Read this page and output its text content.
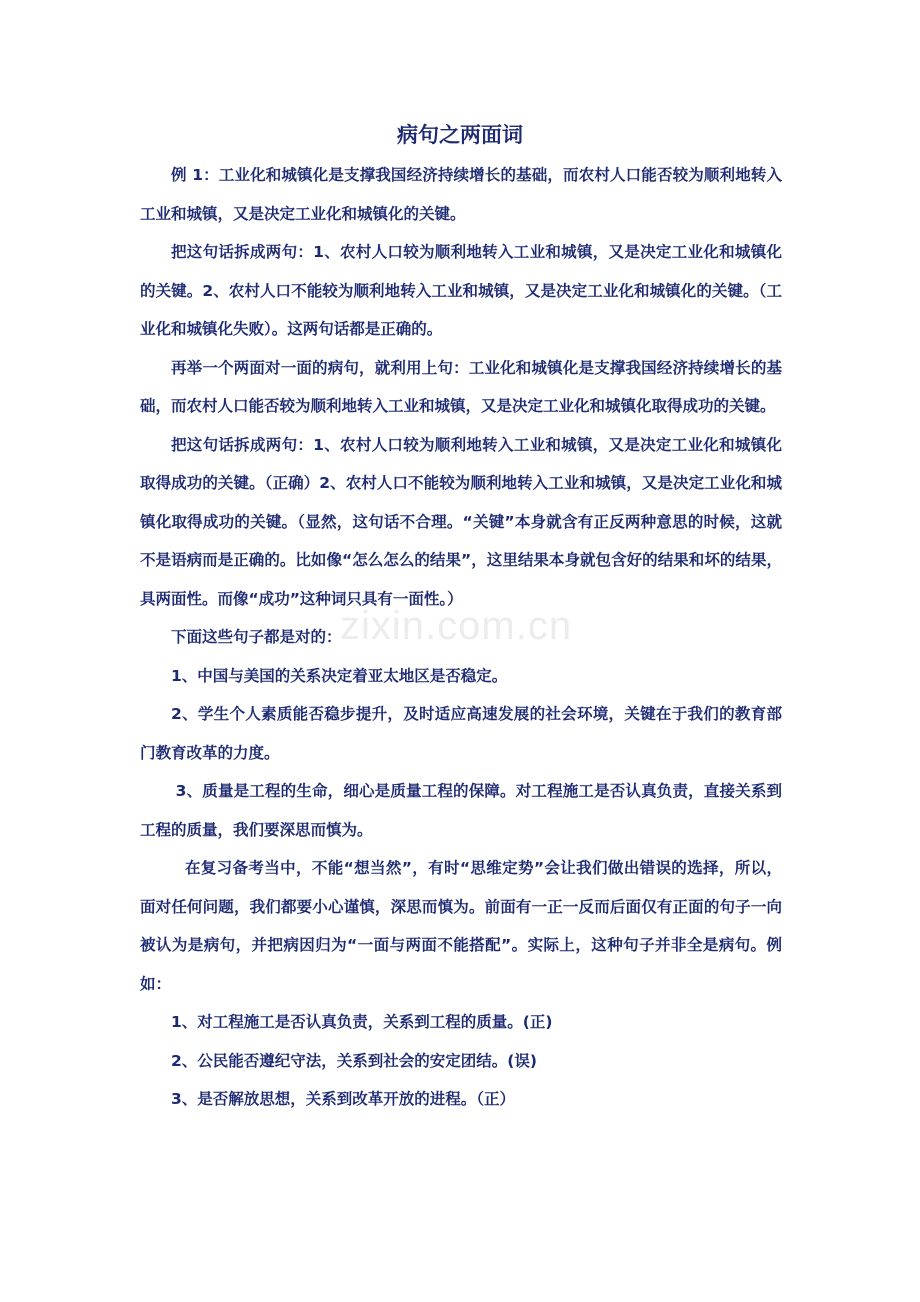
病句之两面词

例 1：工业化和城镇化是支撑我国经济持续增长的基础，而农村人口能否较为顺利地转入工业和城镇，又是决定工业化和城镇化的关键。

把这句话拆成两句：1、农村人口较为顺利地转入工业和城镇，又是决定工业化和城镇化的关键。2、农村人口不能较为顺利地转入工业和城镇，又是决定工业化和城镇化的关键。（工业化和城镇化失败）。这两句话都是正确的。

再举一个两面对一面的病句，就利用上句：工业化和城镇化是支撑我国经济持续增长的基础，而农村人口能否较为顺利地转入工业和城镇，又是决定工业化和城镇化取得成功的关键。

把这句话拆成两句：1、农村人口较为顺利地转入工业和城镇，又是决定工业化和城镇化取得成功的关键。（正确）2、农村人口不能较为顺利地转入工业和城镇，又是决定工业化和城镇化取得成功的关键。（显然，这句话不合理。“关键”本身就含有正反两种意思的时候，这就不是语病而是正确的。比如像“怎么怎么的结果”，这里结果本身就包含好的结果和坏的结果，具两面性。而像“成功”这种词只具有一面性。）

下面这些句子都是对的：

1、中国与美国的关系决定着亚太地区是否稳定。

2、学生个人素质能否稳步提升，及时适应高速发展的社会环境，关键在于我们的教育部门教育改革的力度。

3、质量是工程的生命，细心是质量工程的保障。对工程施工是否认真负责，直接关系到工程的质量，我们要深思而慎为。

在复习备考当中，不能“想当然”，有时“思维定势”会让我们做出错误的选择，所以，面对任何问题，我们都要小心谨慎，深思而慎为。前面有一正一反而后面仅有正面的句子一向被认为是病句，并把病因归为“一面与两面不能搭配”。实际上，这种句子并非全是病句。例如：

1、对工程施工是否认真负责，关系到工程的质量。(正)

2、公民能否遵纪守法，关系到社会的安定团结。(误)

3、是否解放思想，关系到改革开放的进程。（正）

zixin.com.cn
